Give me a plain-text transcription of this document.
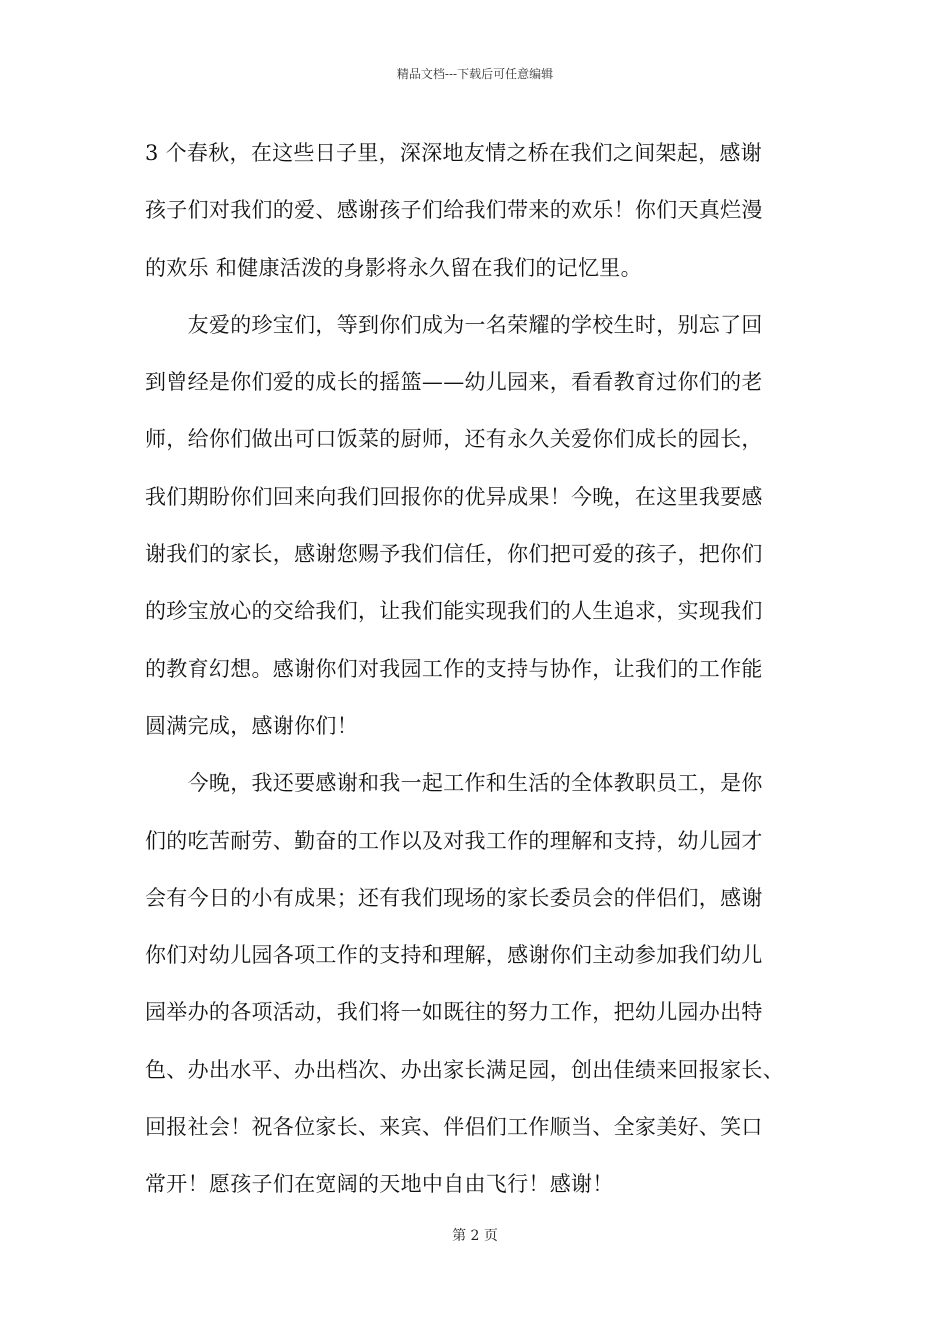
精品文档---下载后可任意编辑
3 个春秋，在这些日子里，深深地友情之桥在我们之间架起，感谢
孩子们对我们的爱、感谢孩子们给我们带来的欢乐！你们天真烂漫
的欢乐 和健康活泼的身影将永久留在我们的记忆里。
　　友爱的珍宝们，等到你们成为一名荣耀的学校生时，别忘了回
到曾经是你们爱的成长的摇篮——幼儿园来，看看教育过你们的老
师，给你们做出可口饭菜的厨师，还有永久关爱你们成长的园长，
我们期盼你们回来向我们回报你的优异成果！今晚，在这里我要感
谢我们的家长，感谢您赐予我们信任，你们把可爱的孩子，把你们
的珍宝放心的交给我们，让我们能实现我们的人生追求，实现我们
的教育幻想。感谢你们对我园工作的支持与协作，让我们的工作能
圆满完成，感谢你们！
　　今晚，我还要感谢和我一起工作和生活的全体教职员工，是你
们的吃苦耐劳、勤奋的工作以及对我工作的理解和支持，幼儿园才
会有今日的小有成果；还有我们现场的家长委员会的伴侣们，感谢
你们对幼儿园各项工作的支持和理解，感谢你们主动参加我们幼儿
园举办的各项活动，我们将一如既往的努力工作，把幼儿园办出特
色、办出水平、办出档次、办出家长满足园，创出佳绩来回报家长、
回报社会！祝各位家长、来宾、伴侣们工作顺当、全家美好、笑口
常开！愿孩子们在宽阔的天地中自由飞行！感谢！
第 2 页
